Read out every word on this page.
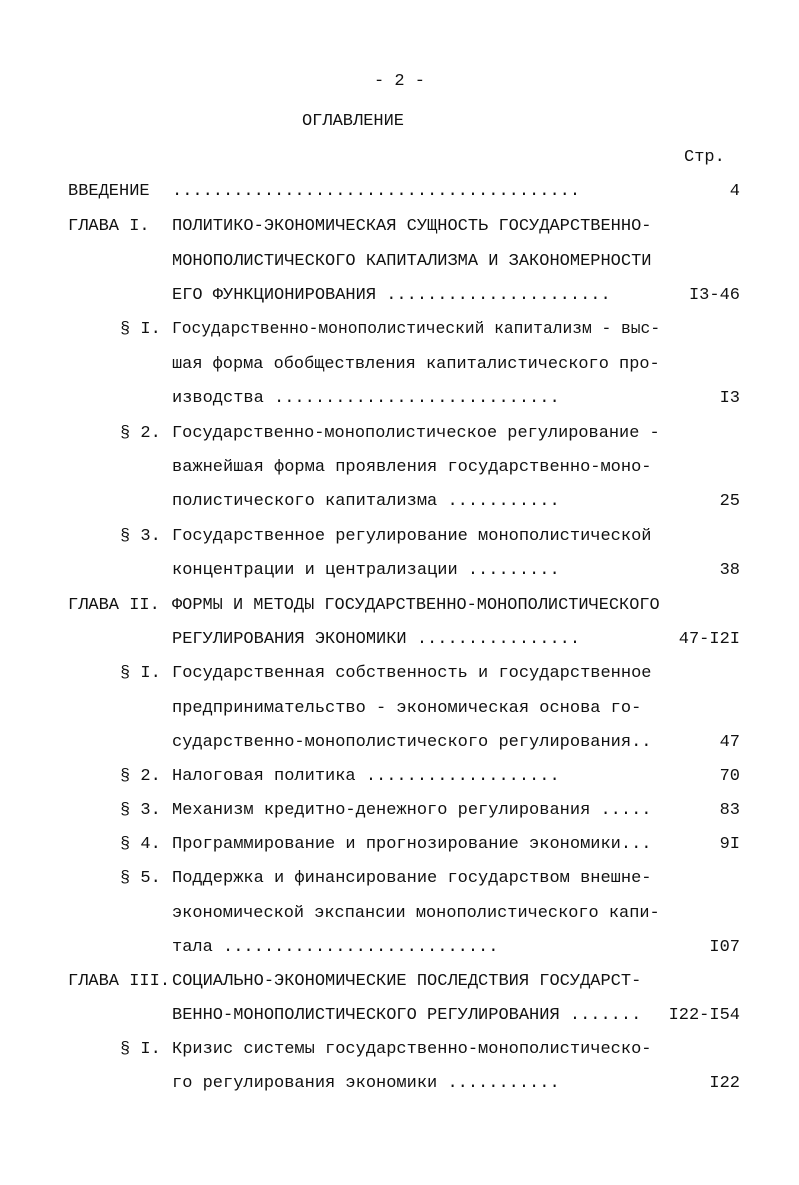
- 2 -
ОГЛАВЛЕНИЕ
Стр.
ВВЕДЕНИЕ ........................................	4
ГЛАВА I. ПОЛИТИКО-ЭКОНОМИЧЕСКАЯ СУЩНОСТЬ ГОСУДАРСТВЕННО-
МОНОПОЛИСТИЧЕСКОГО КАПИТАЛИЗМА И ЗАКОНОМЕРНОСТИ
ЕГО ФУНКЦИОНИРОВАНИЯ ......................	I3-46
§ I. Государственно-монополистический капитализм - выс-
шая форма обобществления капиталистического про-
изводства ............................	I3
§ 2. Государственно-монополистическое регулирование -
важнейшая форма проявления государственно-моно-
полистического капитализма ...........	25
§ 3. Государственное регулирование монополистической
концентрации и централизации .........	38
ГЛАВА II. ФОРМЫ И МЕТОДЫ ГОСУДАРСТВЕННО-МОНОПОЛИСТИЧЕСКОГО
РЕГУЛИРОВАНИЯ ЭКОНОМИКИ ................	47-I2I
§ I. Государственная собственность и государственное
предпринимательство - экономическая основа го-
сударственно-монополистического регулирования..	47
§ 2. Налоговая политика ...................	70
§ 3. Механизм кредитно-денежного регулирования .....	83
§ 4. Программирование и прогнозирование экономики...	9I
§ 5. Поддержка и финансирование государством внешне-
экономической экспансии монополистического капи-
тала ...........................	I07
ГЛАВА III. СОЦИАЛЬНО-ЭКОНОМИЧЕСКИЕ ПОСЛЕДСТВИЯ ГОСУДАРСТ-
ВЕННО-МОНОПОЛИСТИЧЕСКОГО РЕГУЛИРОВАНИЯ .......	I22-I54
§ I. Кризис системы государственно-монополистическо-
го регулирования экономики ...........	I22
